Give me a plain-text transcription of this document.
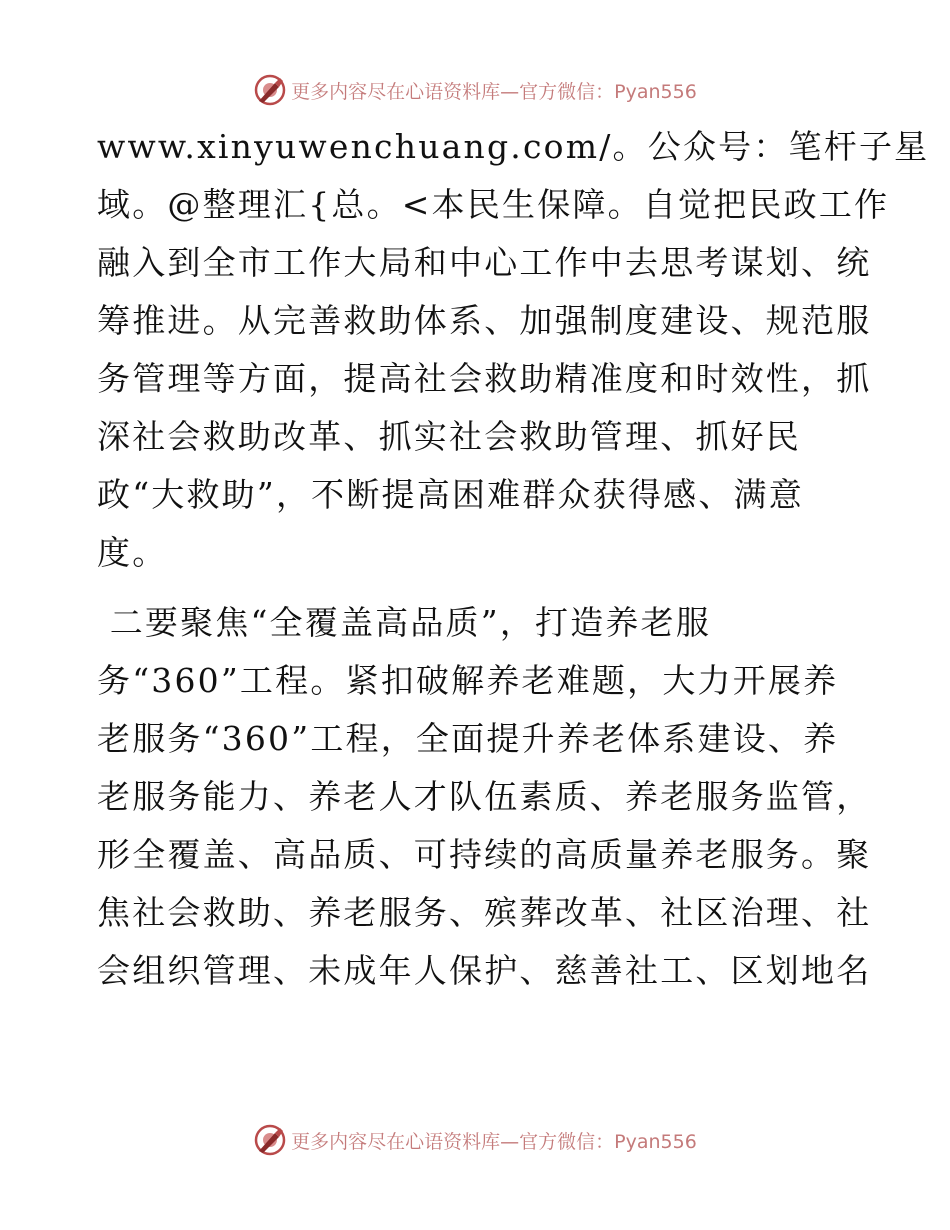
更多内容尽在心语资料库—官方微信：Pyan556
www.xinyuwenchuang.com/。公众号：笔杆子星
域。@整理汇{总。<本民生保障。自觉把民政工作
融入到全市工作大局和中心工作中去思考谋划、统
筹推进。从完善救助体系、加强制度建设、规范服
务管理等方面，提高社会救助精准度和时效性，抓
深社会救助改革、抓实社会救助管理、抓好民
政“大救助”，不断提高困难群众获得感、满意
度。
二要聚焦“全覆盖高品质”，打造养老服
务“360”工程。紧扣破解养老难题，大力开展养
老服务“360”工程，全面提升养老体系建设、养
老服务能力、养老人才队伍素质、养老服务监管，
形全覆盖、高品质、可持续的高质量养老服务。聚
焦社会救助、养老服务、殡葬改革、社区治理、社
会组织管理、未成年人保护、慈善社工、区划地名
更多内容尽在心语资料库—官方微信：Pyan556
